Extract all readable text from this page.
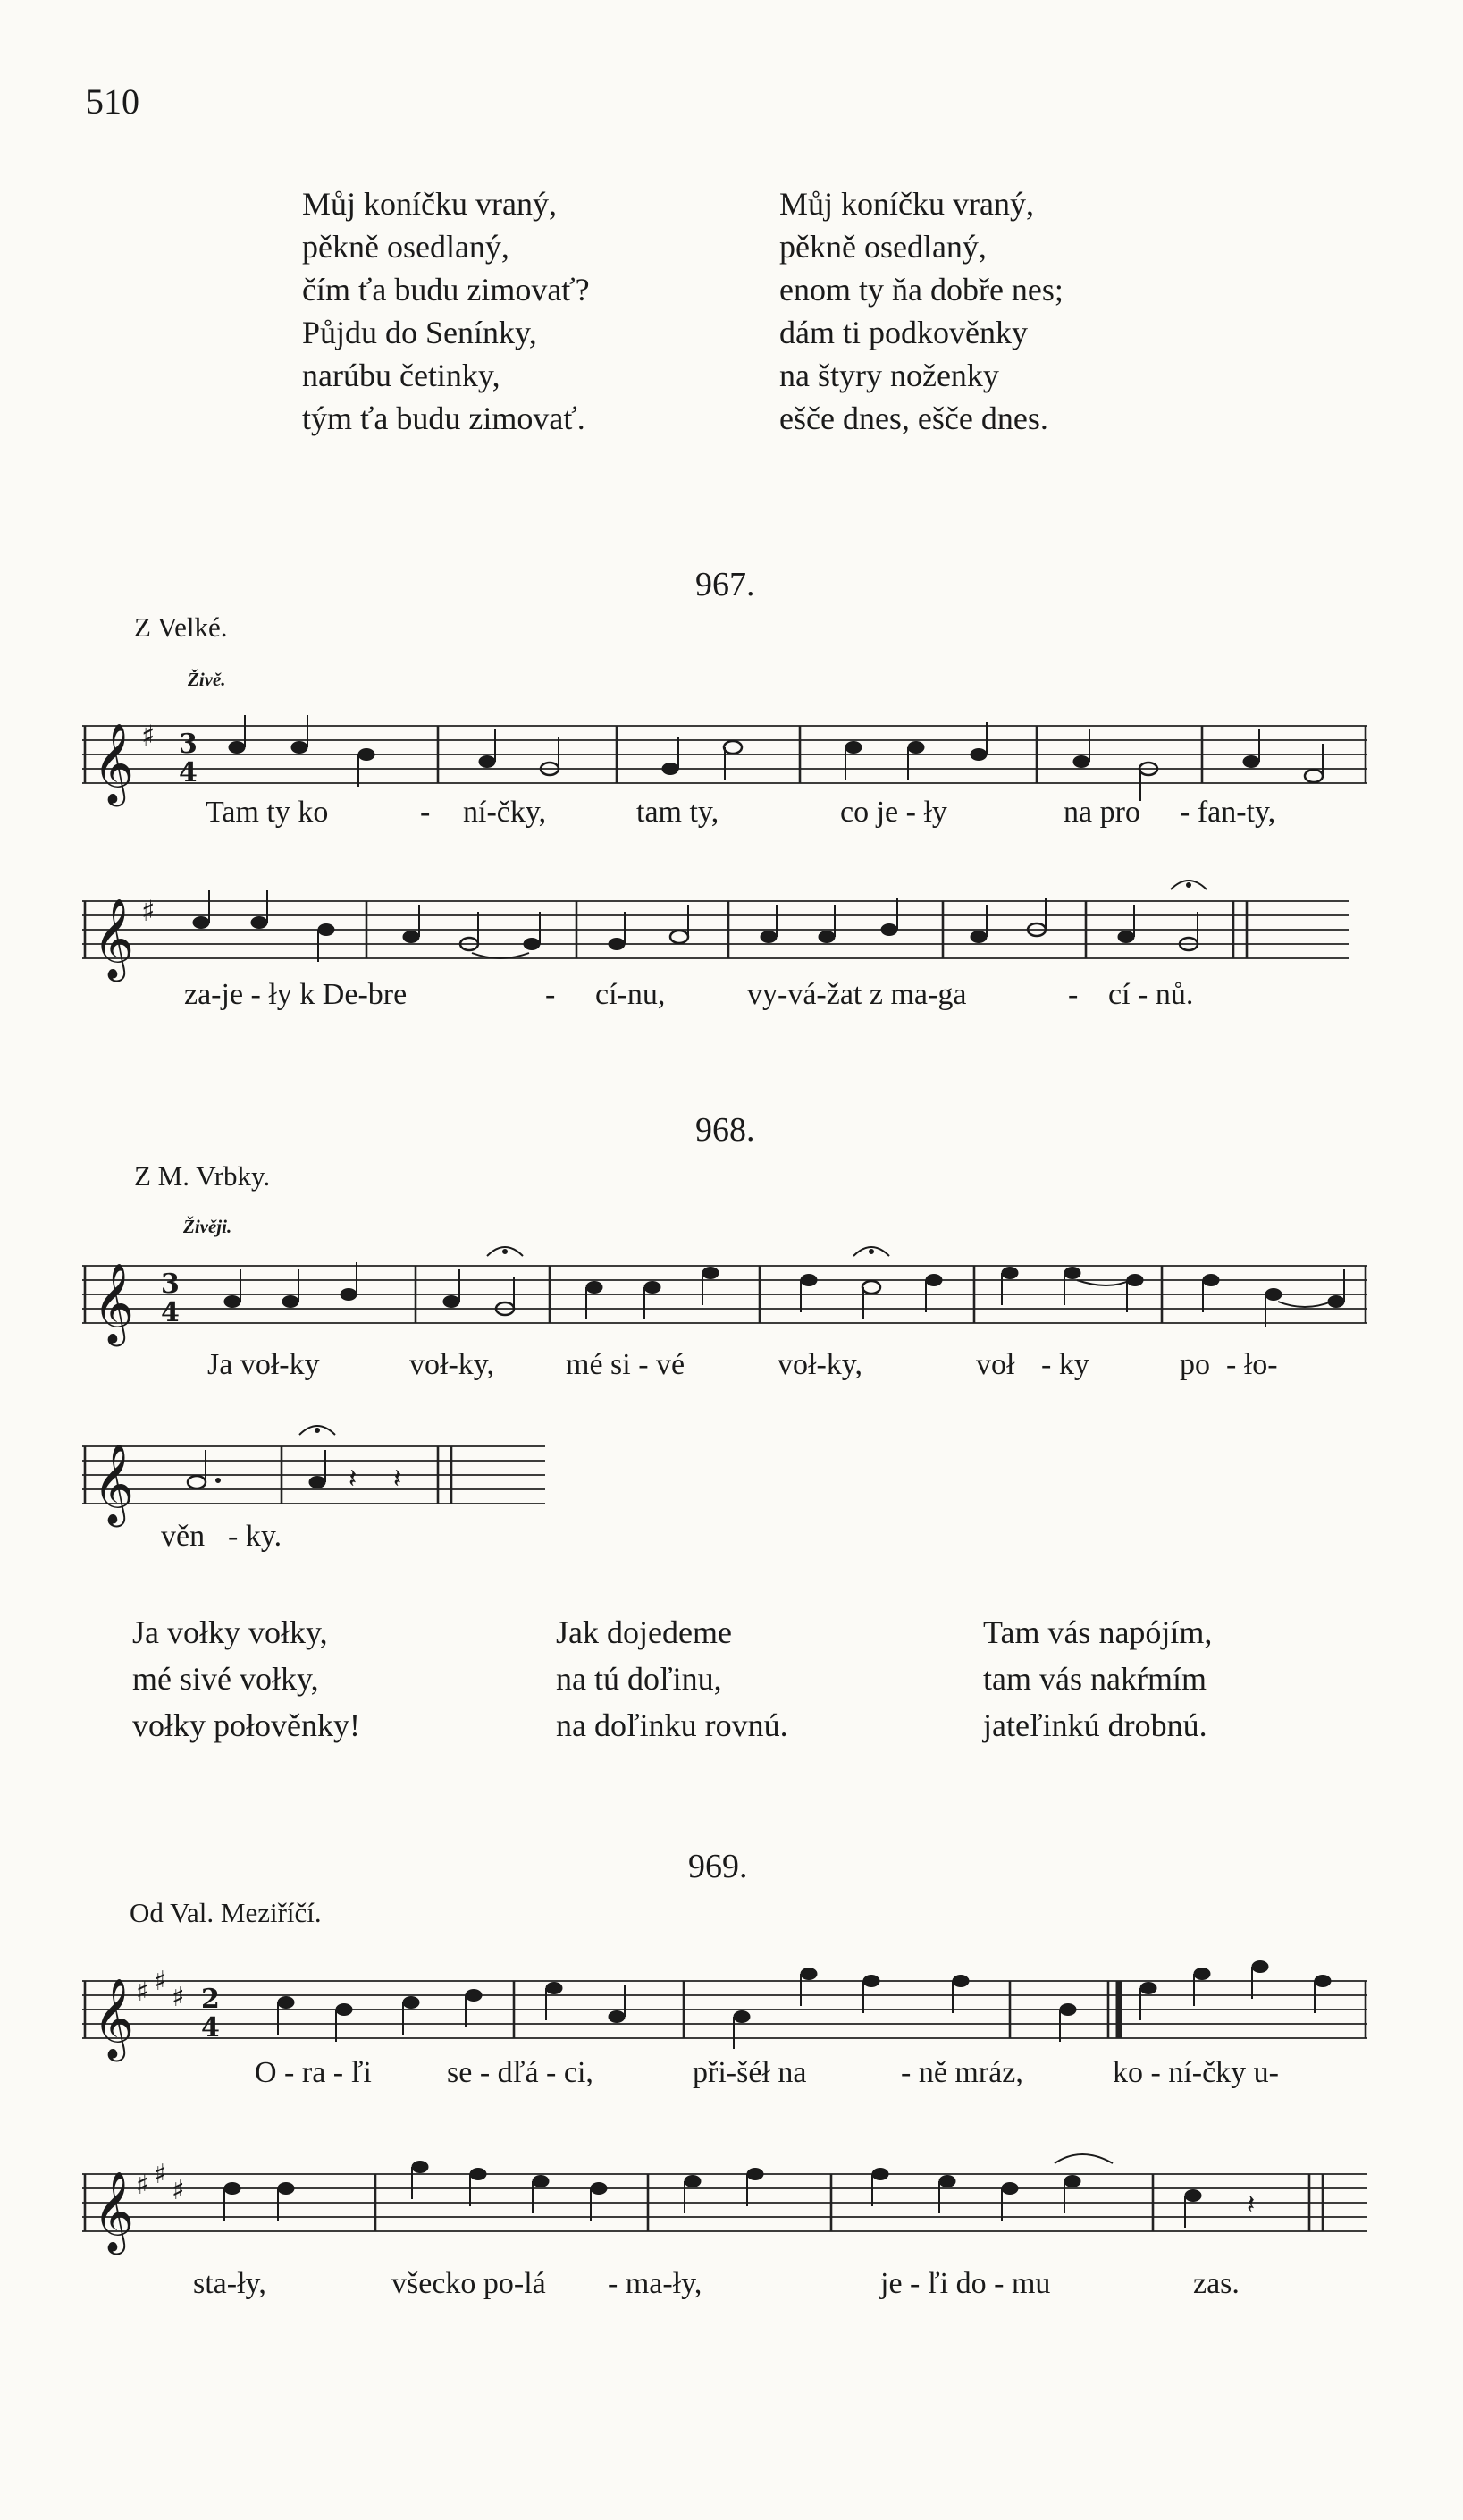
510
Můj koníčku vraný,
pěkně osedlaný,
čím ťa budu zimovať?
Půjdu do Senínky,
narúbu četinky,
tým ťa budu zimovať.
Můj koníčku vraný,
pěkně osedlaný,
enom ty ňa dobře nes;
dám ti podkověnky
na štyry noženky
ešče dnes, ešče dnes.
967.
Z Velké.
Živě.
𝄞 ♯ 3
4
𝄞 ♯
𝄞 3
4
𝄞	𝄽 𝄽
𝄞 ♯ ♯
♯ 2
4
𝄞 ♯ ♯
♯	𝄽
Tam ty ko	- ní-čky,	tam ty,	co je - ły	na pro - fan-ty,
za-je - ły k De-bre	- cí-nu,	vy-vá-žat z ma-ga	- cí - nů.
968.
Z M. Vrbky.
Živěji.
Ja voł-ky	voł-ky, mé si - vé	voł-ky,	voł - ky	po - ło-
věn - ky.
Ja vołky vołky,
mé sivé vołky,
vołky połověnky!
Jak dojedeme
na tú doľinu,
na doľinku rovnú.
Tam vás napójím,
tam vás nakŕmím
jateľinkú drobnú.
969.
Od Val. Meziříčí.
O - ra - ľi se - dľá - ci,	při-šéł na	- ně mráz,	ko - ní-čky u-
sta-ły,	všecko po-lá - ma-ły,	je - ľi do - mu	zas.
